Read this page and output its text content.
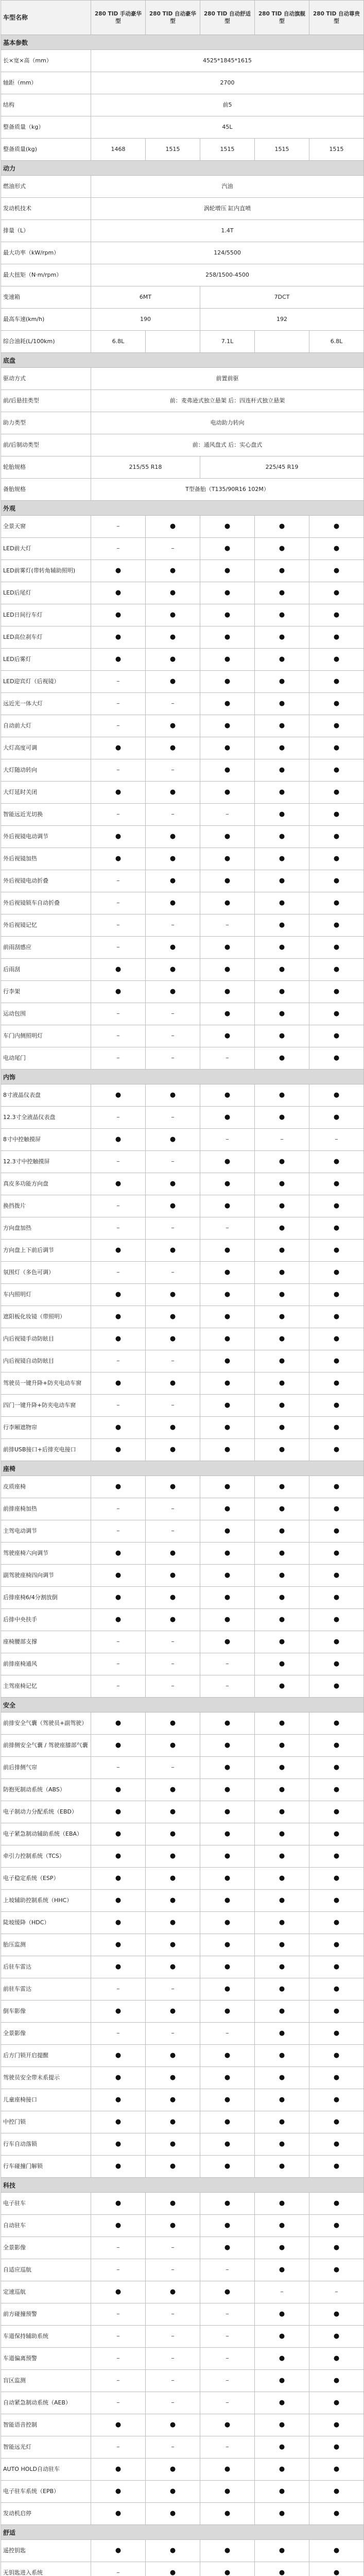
车型名称	280 TID 手动豪华型	280 TID 自动豪华型	280 TID 自动舒适型	280 TID 自动旗舰型	280 TID 自动尊贵型
基本参数					
长×宽×高（mm）	4525*1845*1615				
轴距（mm）	2700				
结构	前5				
整备质量（kg）	45L				
整备质量(kg)	1468	1515	1515	1515	1515
动力					
燃油形式	汽油				
发动机技术	涡轮增压 缸内直喷				
排量（L）	1.4T				
最大功率（kW/rpm）	124/5500				
最大扭矩（N·m/rpm）	258/1500-4500				
变速箱	6MT		7DCT		
最高车速(km/h)	190		192		
综合油耗(L/100km)	6.8L		7.1L		6.8L
底盘					
驱动方式	前置前驱				
前/后悬挂类型	前：麦弗逊式独立悬架 后：四连杆式独立悬架				
助力类型	电动助力转向				
前/后制动类型	前：通风盘式 后：实心盘式				
轮胎规格	215/55 R18		225/45 R19		
备胎规格	T型备胎（T135/90R16 102M）				
外观					
全景天窗	–	●	●	●	●
LED前大灯	–	–	●	●	●
LED前雾灯(带转角辅助照明)	●	●	●	●	●
LED后尾灯	●	●	●	●	●
LED日间行车灯	●	●	●	●	●
LED高位刹车灯	●	●	●	●	●
LED后雾灯	●	●	●	●	●
LED迎宾灯（后视镜）	–	●	●	●	●
远近光一体大灯	–	–	●	●	●
自动前大灯	–	●	●	●	●
大灯高度可调	●	●	●	●	●
大灯随动转向	–	–	●	●	●
大灯延时关闭	●	●	●	●	●
智能远近光切换	–	–	–	●	●
外后视镜电动调节	●	●	●	●	●
外后视镜加热	●	●	●	●	●
外后视镜电动折叠	–	●	●	●	●
外后视镜锁车自动折叠	–	●	●	●	●
外后视镜记忆	–	–	–	●	●
前雨刮感应	–	●	●	●	●
后雨刮	●	●	●	●	●
行李架	●	●	●	●	●
运动包围	–	–	●	●	●
车门内侧照明灯	–	–	●	●	●
电动尾门	–	–	–	●	●
内饰					
8寸液晶仪表盘	●	●	●	●	●
12.3寸全液晶仪表盘	–	–	●	●	●
8寸中控触摸屏	●	●	–	–	–
12.3寸中控触摸屏	–	–	●	●	●
真皮多功能方向盘	●	●	●	●	●
换挡拨片	–	●	●	●	●
方向盘加热	–	–	–	●	●
方向盘上下前后调节	●	●	●	●	●
氛围灯（多色可调）	–	–	●	●	●
车内照明灯	●	●	●	●	●
遮阳板化妆镜（带照明）	●	●	●	●	●
内后视镜手动防眩目	●	●	●	●	●
内后视镜自动防眩目	–	–	●	●	●
驾驶员一键升降+防夹电动车窗	●	●	●	●	●
四门一键升降+防夹电动车窗	–	–	●	●	●
行李厢遮物帘	●	●	●	●	●
前排USB接口+后排充电接口	●	●	●	●	●
座椅					
皮质座椅	●	●	●	●	●
前排座椅加热	–	–	●	●	●
主驾电动调节	–	–	●	●	●
驾驶座椅六向调节	●	●	●	●	●
副驾驶座椅四向调节	●	●	●	●	●
后排座椅6/4分割放倒	●	●	●	●	●
后排中央扶手	●	●	●	●	●
座椅腰部支撑	–	–	●	●	●
前排座椅通风	–	–	–	●	●
主驾座椅记忆	–	–	–	●	●
安全					
前排安全气囊（驾驶员+副驾驶）	●	●	●	●	●
前排侧安全气囊 / 驾驶座膝部气囊	●	●	●	●	●
前后排侧气帘	–	–	●	●	●
防抱死制动系统（ABS）	●	●	●	●	●
电子制动力分配系统（EBD）	●	●	●	●	●
电子紧急制动辅助系统（EBA）	●	●	●	●	●
牵引力控制系统（TCS）	●	●	●	●	●
电子稳定系统（ESP）	●	●	●	●	●
上坡辅助控制系统（HHC）	●	●	●	●	●
陡坡缓降（HDC）	●	●	●	●	●
胎压监测	●	●	●	●	●
后驻车雷达	●	●	●	●	●
前驻车雷达	–	–	●	●	●
倒车影像	●	●	●	●	●
全景影像	–	–	–	●	●
后方门锁开启提醒	●	●	●	●	●
驾驶员安全带未系提示	●	●	●	●	●
儿童座椅接口	●	●	●	●	●
中控门锁	●	●	●	●	●
行车自动落锁	●	●	●	●	●
行车碰撞门解锁	●	●	●	●	●
科技					
电子驻车	●	●	●	●	●
自动驻车	●	●	●	●	●
全景影像	–	–	●	●	●
自适应巡航	–	–	–	●	●
定速巡航	●	●	●	–	–
前方碰撞预警	–	–	–	●	●
车道保持辅助系统	–	–	–	●	●
车道偏离预警	–	–	–	●	●
盲区监测	–	–	–	●	●
自动紧急制动系统（AEB）	–	–	–	●	●
智能语音控制	●	●	●	●	●
智能远光灯	–	–	–	●	●
AUTO HOLD自动驻车	●	●	●	●	●
电子驻车系统（EPB）	●	●	●	●	●
发动机启停	●	●	●	●	●
舒适					
遥控钥匙	●	●	●	●	●
无钥匙进入系统	–	●	●	●	●
